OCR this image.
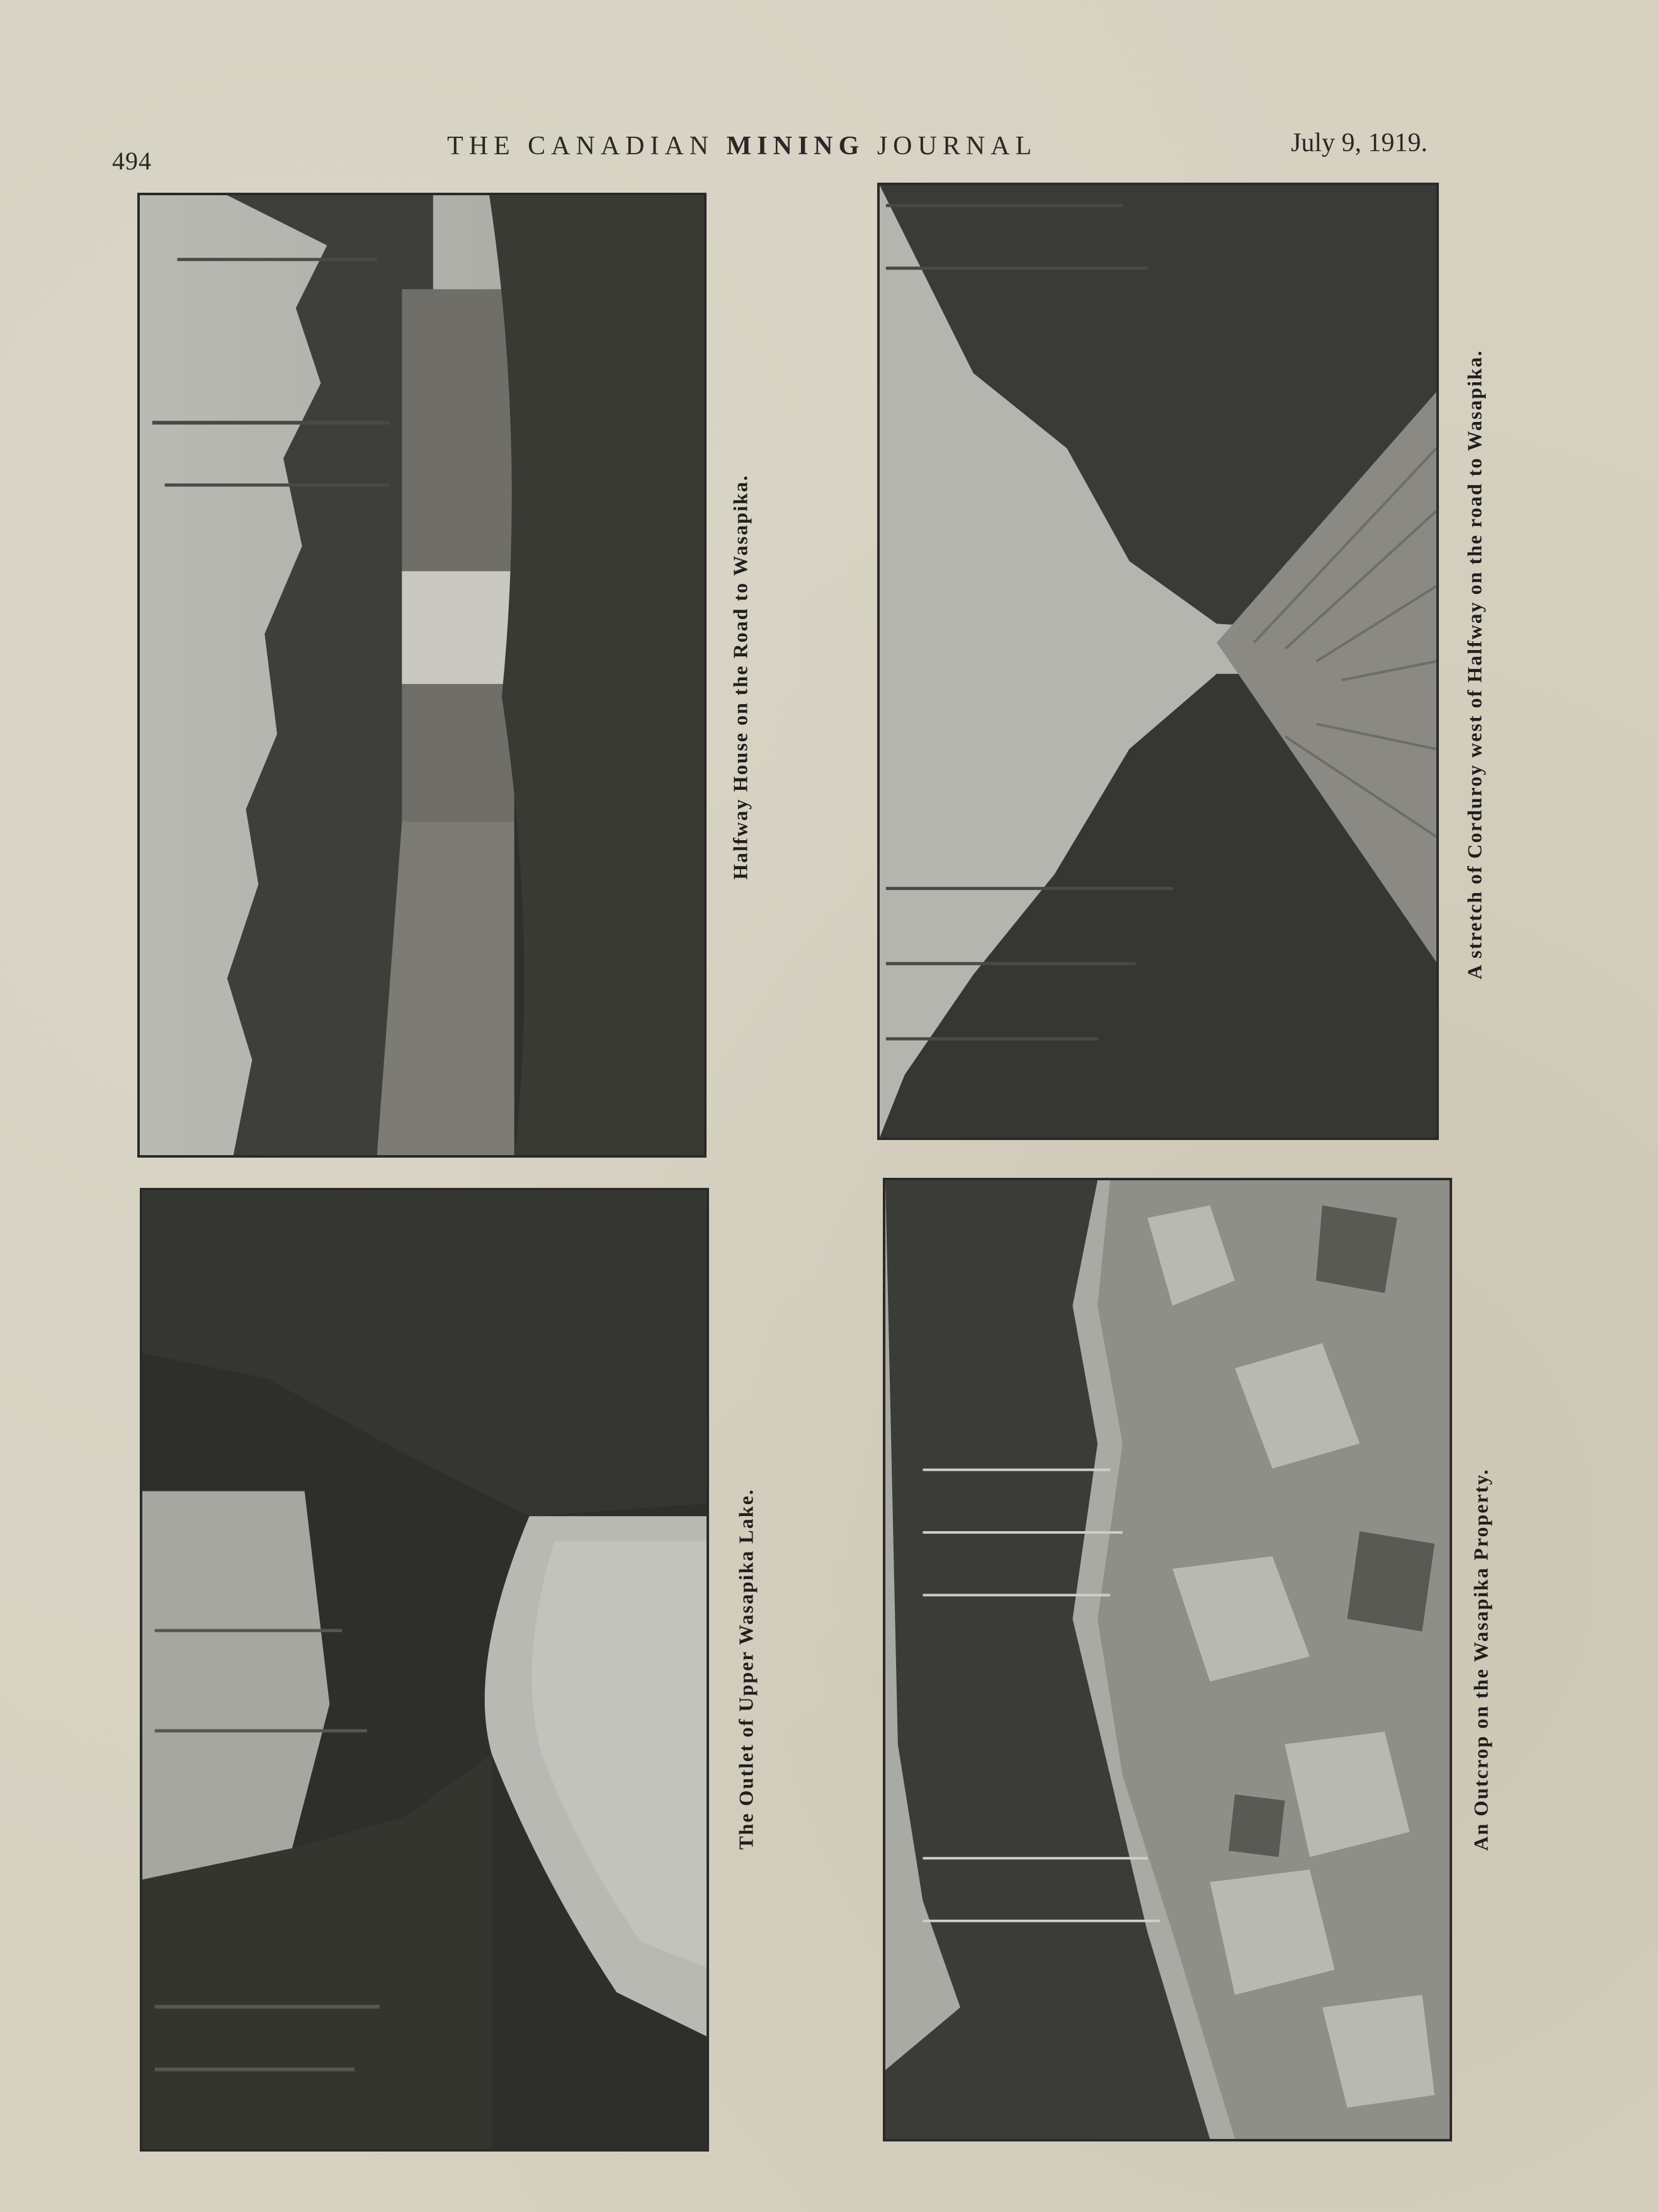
494
THE CANADIAN MINING JOURNAL	July 9, 1919.
Halfway House on the Road to Wasapika.	A stretch of Corduroy west of Halfway on the road to Wasapika.
The Outlet of Upper Wasapika Lake.	An Outcrop on the Wasapika Property.
